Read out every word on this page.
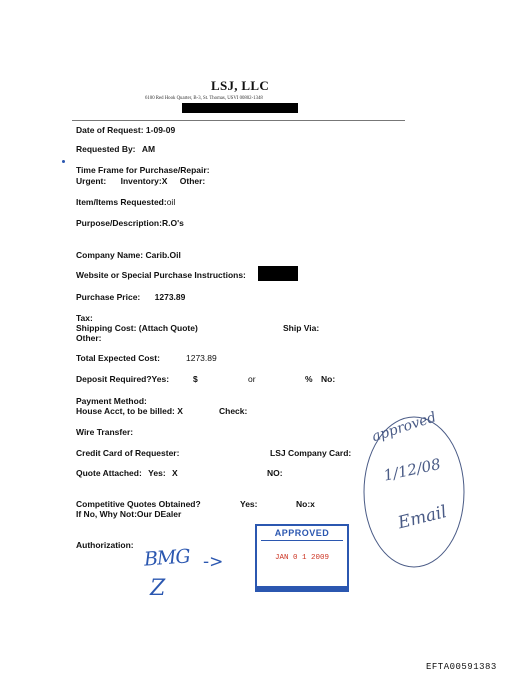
LSJ, LLC
6100 Red Hook Quarter, B-3, St. Thomas, USVI 00802-1348
Date of Request: 1-09-09
Requested By: AM
Time Frame for Purchase/Repair:
Urgent: Inventory:X Other:
Item/Items Requested:oil
Purpose/Description:R.O's
Company Name: Carib.Oil
Website or Special Purchase Instructions:
Purchase Price: 1273.89
Tax:
Shipping Cost: (Attach Quote)	Ship Via:
Other:
Total Expected Cost:	1273.89
Deposit Required?Yes:	$	or	% No:
Payment Method:
House Acct, to be billed: X	Check:
Wire Transfer:
Credit Card of Requester:	LSJ Company Card:
Quote Attached: Yes: X	NO:
Competitive Quotes Obtained?	Yes:	No:x
If No, Why Not:Our DEaler
Authorization:
BMG ->
Z
APPROVED
JAN 0 1 2009
approved
1/12/08
Email
EFTA00591383
